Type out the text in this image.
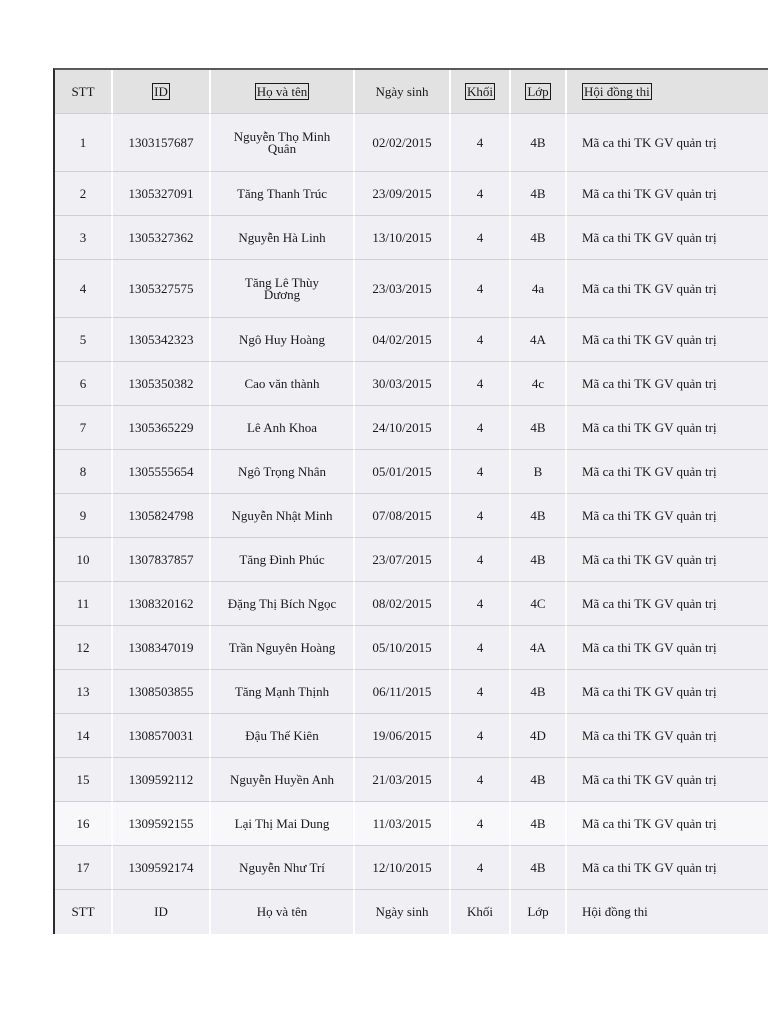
STT	ID	Họ và tên	Ngày sinh	Khối	Lớp	Hội đồng thi
1	1303157687	Nguyễn Thọ Minh Quân	02/02/2015	4	4B	Mã ca thi TK GV quản trị
2	1305327091	Tăng Thanh Trúc	23/09/2015	4	4B	Mã ca thi TK GV quản trị
3	1305327362	Nguyễn Hà Linh	13/10/2015	4	4B	Mã ca thi TK GV quản trị
4	1305327575	Tăng Lê Thùy Dương	23/03/2015	4	4a	Mã ca thi TK GV quản trị
5	1305342323	Ngô Huy Hoàng	04/02/2015	4	4A	Mã ca thi TK GV quản trị
6	1305350382	Cao văn thành	30/03/2015	4	4c	Mã ca thi TK GV quản trị
7	1305365229	Lê Anh Khoa	24/10/2015	4	4B	Mã ca thi TK GV quản trị
8	1305555654	Ngô Trọng Nhân	05/01/2015	4	B	Mã ca thi TK GV quản trị
9	1305824798	Nguyễn Nhật Minh	07/08/2015	4	4B	Mã ca thi TK GV quản trị
10	1307837857	Tăng Đình Phúc	23/07/2015	4	4B	Mã ca thi TK GV quản trị
11	1308320162	Đặng Thị Bích Ngọc	08/02/2015	4	4C	Mã ca thi TK GV quản trị
12	1308347019	Trần Nguyên Hoàng	05/10/2015	4	4A	Mã ca thi TK GV quản trị
13	1308503855	Tăng Mạnh Thịnh	06/11/2015	4	4B	Mã ca thi TK GV quản trị
14	1308570031	Đậu Thế Kiên	19/06/2015	4	4D	Mã ca thi TK GV quản trị
15	1309592112	Nguyễn Huyền Anh	21/03/2015	4	4B	Mã ca thi TK GV quản trị
16	1309592155	Lại Thị Mai Dung	11/03/2015	4	4B	Mã ca thi TK GV quản trị
17	1309592174	Nguyễn Như Trí	12/10/2015	4	4B	Mã ca thi TK GV quản trị
STT	ID	Họ và tên	Ngày sinh	Khối	Lớp	Hội đồng thi
